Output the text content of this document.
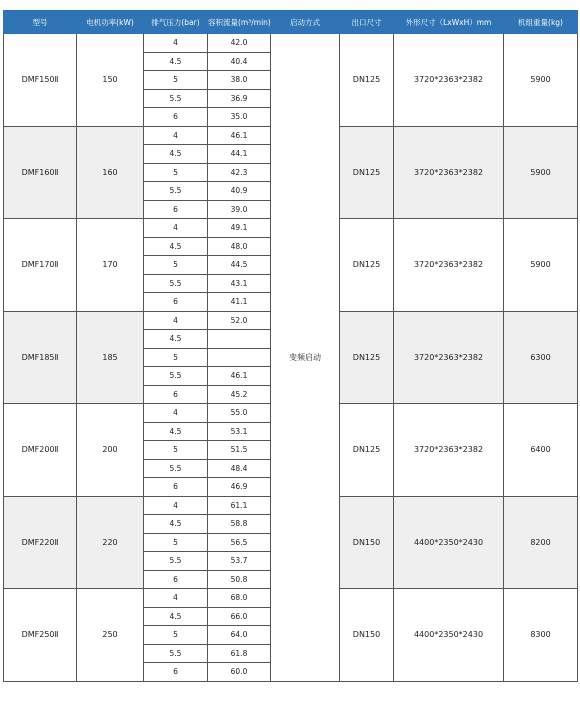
型号	电机功率(kW)	排气压力(bar)	容积流量(m³/min)	启动方式	出口尺寸	外形尺寸（LxWxH）mm	机组重量(kg)
DMF150Ⅱ	150	4	42.0	变频启动	DN125	3720*2363*2382	5900
		4.5	40.4				
		5	38.0				
		5.5	36.9				
		6	35.0				
DMF160Ⅱ	160	4	46.1		DN125	3720*2363*2382	5900
		4.5	44.1				
		5	42.3				
		5.5	40.9				
		6	39.0				
DMF170Ⅱ	170	4	49.1		DN125	3720*2363*2382	5900
		4.5	48.0				
		5	44.5				
		5.5	43.1				
		6	41.1				
DMF185Ⅱ	185	4	52.0		DN125	3720*2363*2382	6300
		4.5					
		5					
		5.5	46.1				
		6	45.2				
DMF200Ⅱ	200	4	55.0		DN125	3720*2363*2382	6400
		4.5	53.1				
		5	51.5				
		5.5	48.4				
		6	46.9				
DMF220Ⅱ	220	4	61.1		DN150	4400*2350*2430	8200
		4.5	58.8				
		5	56.5				
		5.5	53.7				
		6	50.8				
DMF250Ⅱ	250	4	68.0		DN150	4400*2350*2430	8300
		4.5	66.0				
		5	64.0				
		5.5	61.8				
		6	60.0				
